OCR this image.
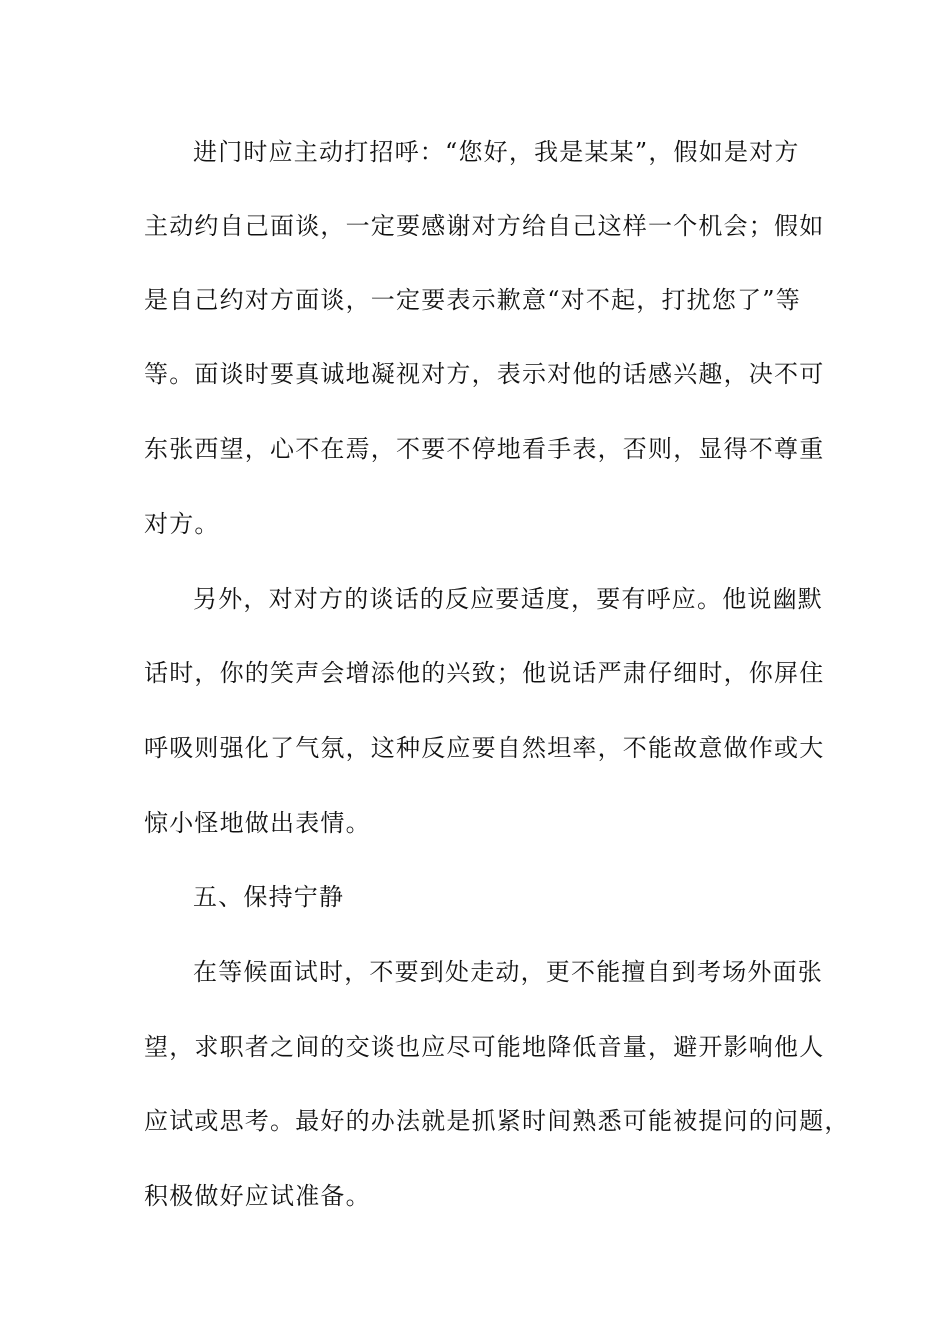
进门时应主动打招呼：“您好，我是某某”，假如是对方
主动约自己面谈，一定要感谢对方给自己这样一个机会；假如
是自己约对方面谈，一定要表示歉意“对不起，打扰您了”等
等。面谈时要真诚地凝视对方，表示对他的话感兴趣，决不可
东张西望，心不在焉，不要不停地看手表，否则，显得不尊重
对方。
另外，对对方的谈话的反应要适度，要有呼应。他说幽默
话时，你的笑声会增添他的兴致；他说话严肃仔细时，你屏住
呼吸则强化了气氛，这种反应要自然坦率，不能故意做作或大
惊小怪地做出表情。
五、保持宁静
在等候面试时，不要到处走动，更不能擅自到考场外面张
望，求职者之间的交谈也应尽可能地降低音量，避开影响他人
应试或思考。最好的办法就是抓紧时间熟悉可能被提问的问题，
积极做好应试准备。
